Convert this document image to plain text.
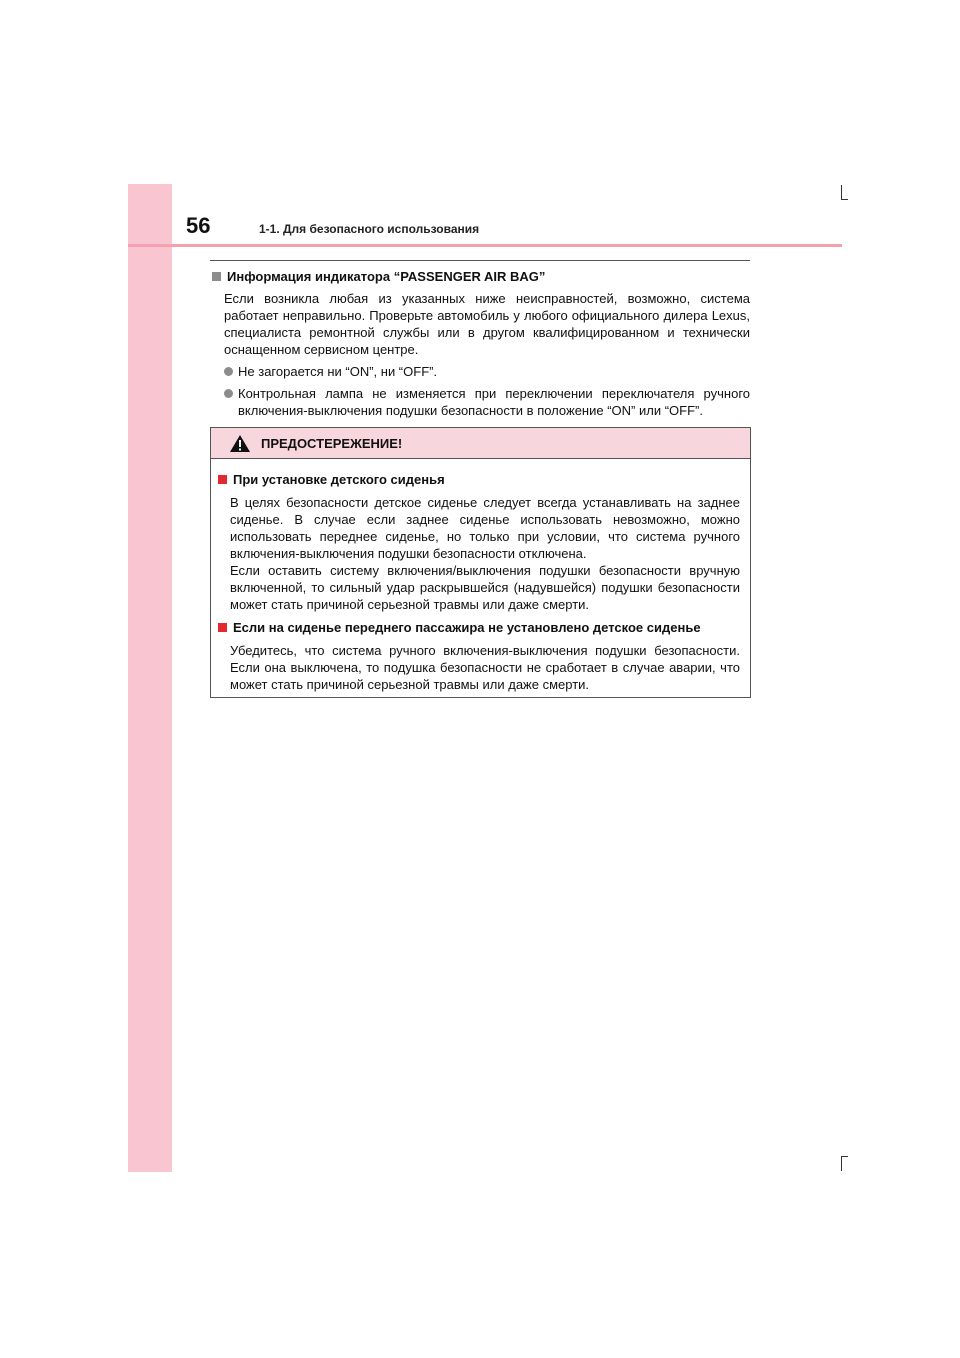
56	1-1. Для безопасного использования
Информация индикатора “PASSENGER AIR BAG”
Если возникла любая из указанных ниже неисправностей, возможно, система работает неправильно. Проверьте автомобиль у любого официального дилера Lexus, специалиста ремонтной службы или в другом квалифицированном и технически оснащенном сервисном центре.
Не загорается ни “ON”, ни “OFF”.
Контрольная лампа не изменяется при переключении переключателя ручного включения-выключения подушки безопасности в положение “ON” или “OFF”.
ПРЕДОСТЕРЕЖЕНИЕ!
При установке детского сиденья
В целях безопасности детское сиденье следует всегда устанавливать на заднее сиденье. В случае если заднее сиденье использовать невозможно, можно использовать переднее сиденье, но только при условии, что система ручного включения-выключения подушки безопасности отключена.
Если оставить систему включения/выключения подушки безопасности вручную включенной, то сильный удар раскрывшейся (надувшейся) подушки безопасности может стать причиной серьезной травмы или даже смерти.
Если на сиденье переднего пассажира не установлено детское сиденье
Убедитесь, что система ручного включения-выключения подушки безопасности. Если она выключена, то подушка безопасности не сработает в случае аварии, что может стать причиной серьезной травмы или даже смерти.
